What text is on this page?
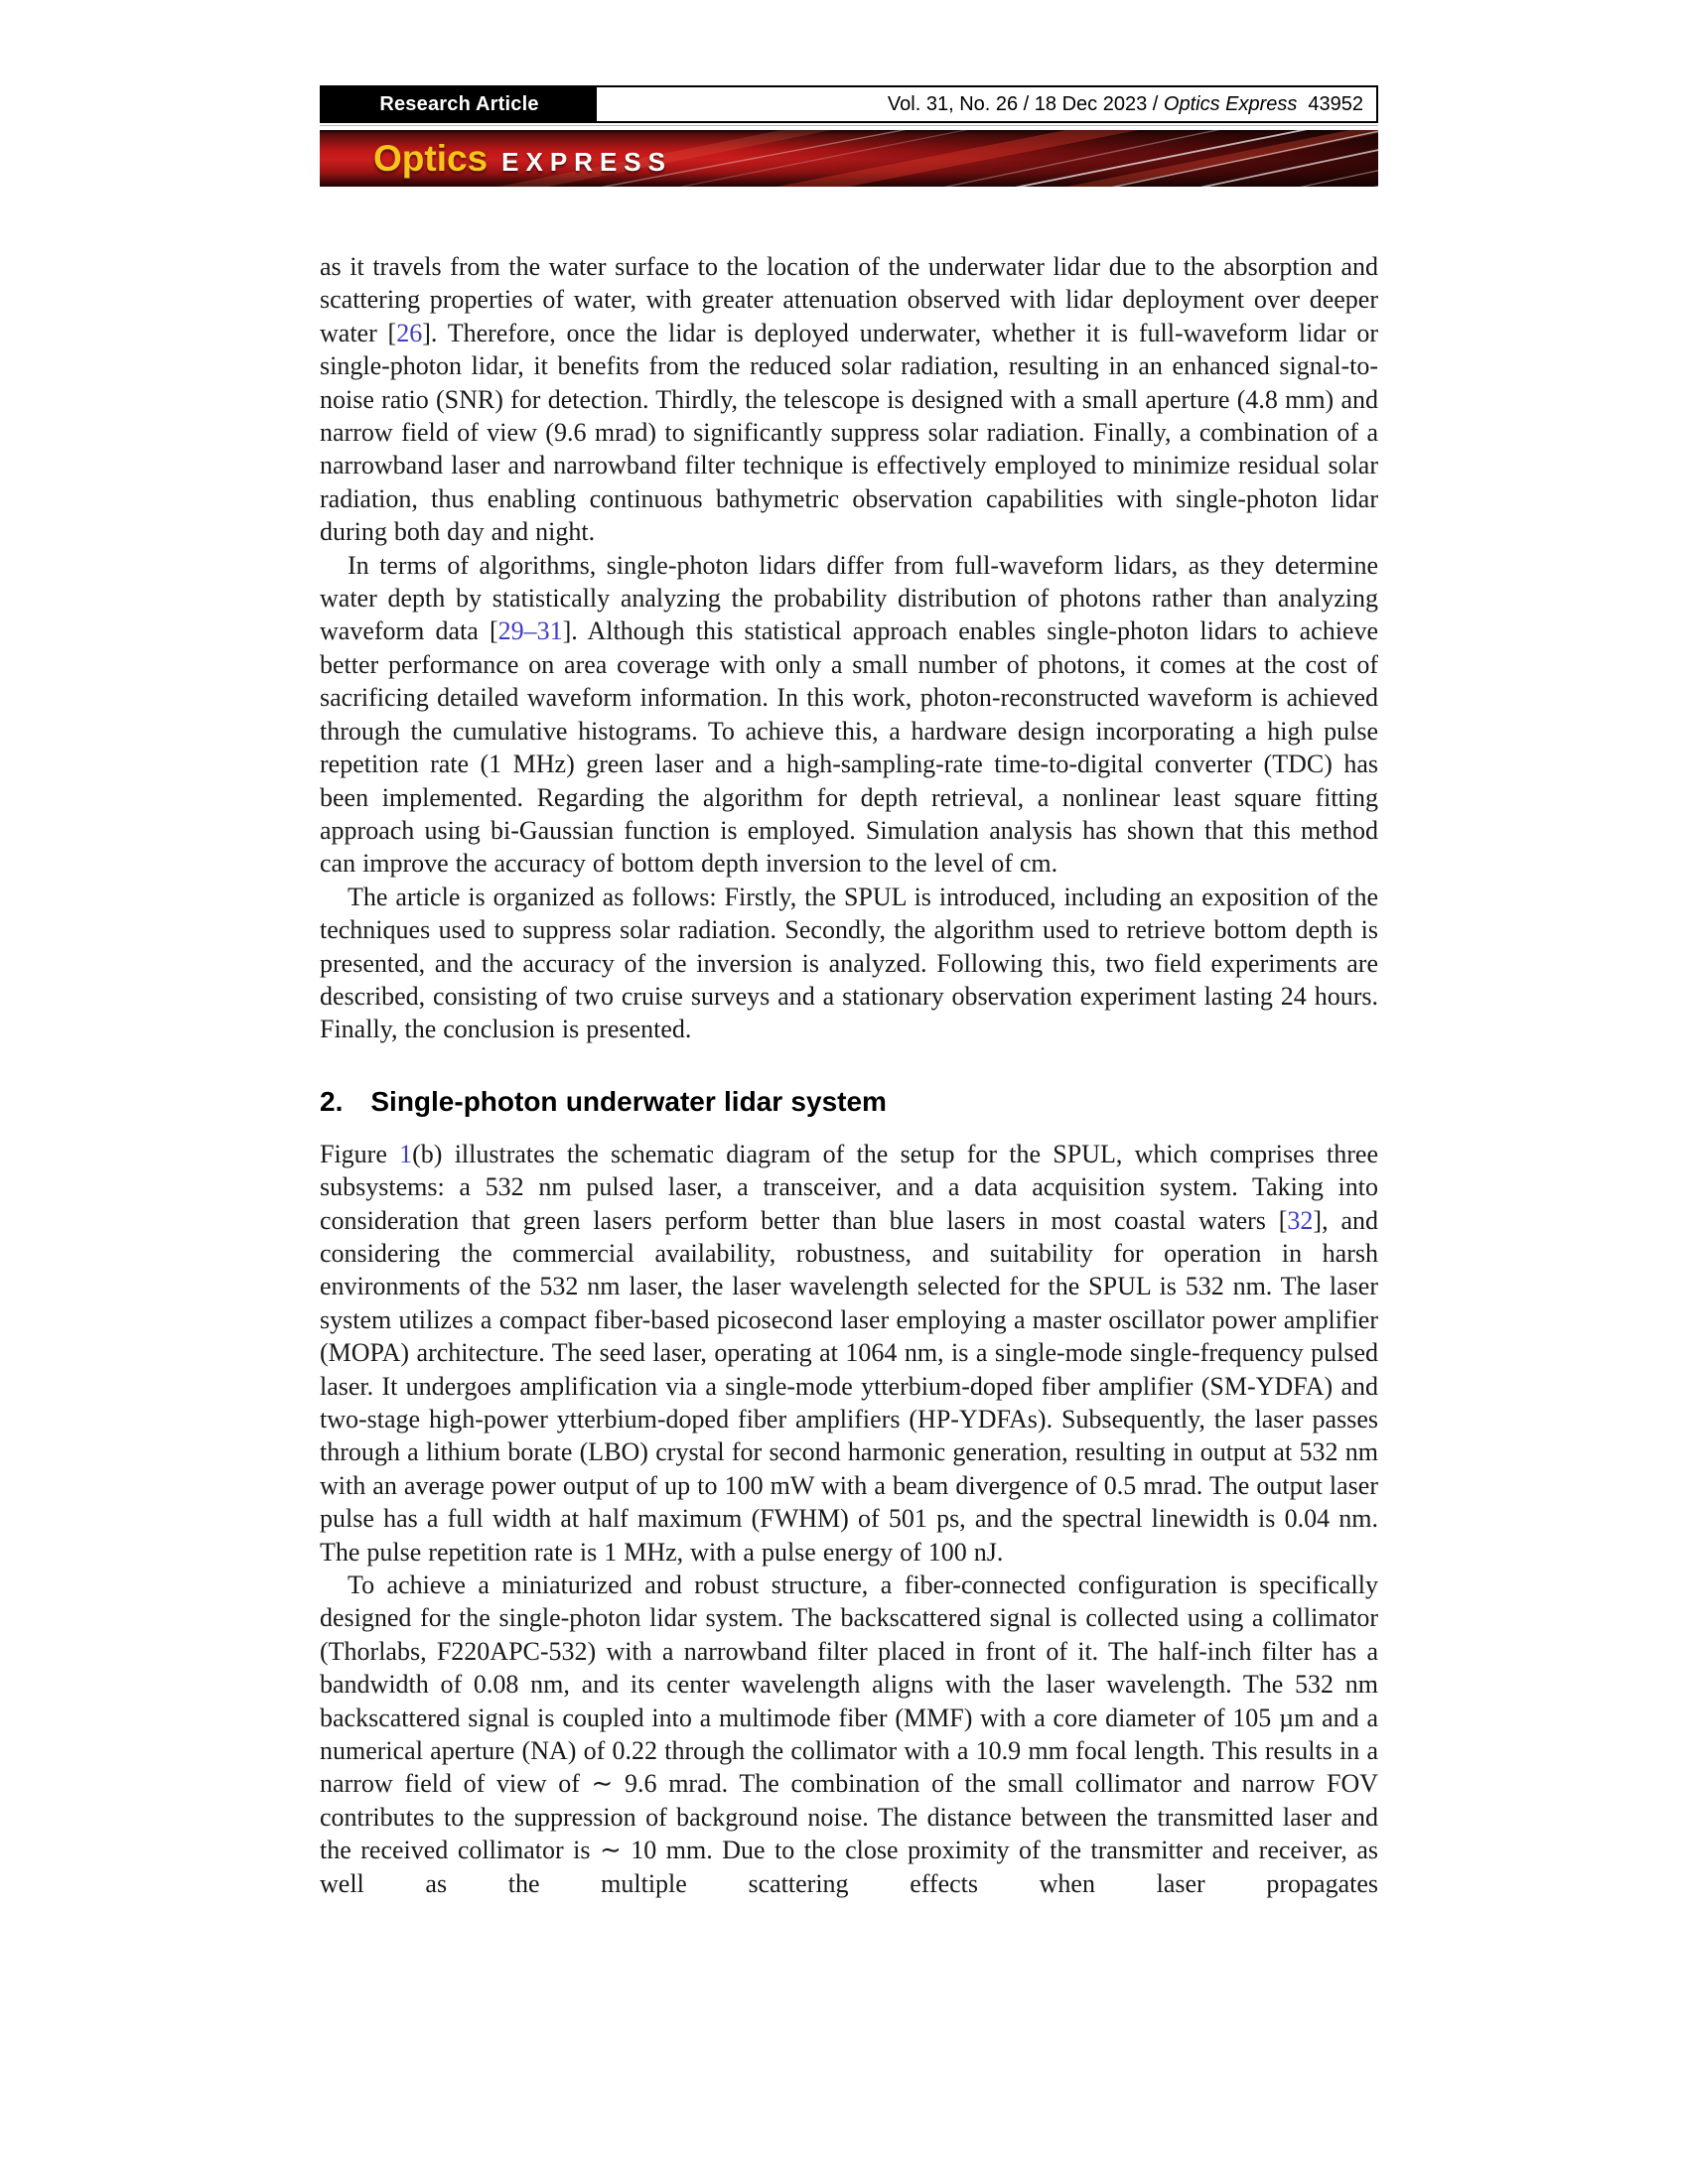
Research Article	Vol. 31, No. 26 / 18 Dec 2023 / Optics Express 43952
Optics EXPRESS

as it travels from the water surface to the location of the underwater lidar due to the absorption and scattering properties of water, with greater attenuation observed with lidar deployment over deeper water [26]. Therefore, once the lidar is deployed underwater, whether it is full-waveform lidar or single-photon lidar, it benefits from the reduced solar radiation, resulting in an enhanced signal-to-noise ratio (SNR) for detection. Thirdly, the telescope is designed with a small aperture (4.8 mm) and narrow field of view (9.6 mrad) to significantly suppress solar radiation. Finally, a combination of a narrowband laser and narrowband filter technique is effectively employed to minimize residual solar radiation, thus enabling continuous bathymetric observation capabilities with single-photon lidar during both day and night.

In terms of algorithms, single-photon lidars differ from full-waveform lidars, as they determine water depth by statistically analyzing the probability distribution of photons rather than analyzing waveform data [29–31]. Although this statistical approach enables single-photon lidars to achieve better performance on area coverage with only a small number of photons, it comes at the cost of sacrificing detailed waveform information. In this work, photon-reconstructed waveform is achieved through the cumulative histograms. To achieve this, a hardware design incorporating a high pulse repetition rate (1 MHz) green laser and a high-sampling-rate time-to-digital converter (TDC) has been implemented. Regarding the algorithm for depth retrieval, a nonlinear least square fitting approach using bi-Gaussian function is employed. Simulation analysis has shown that this method can improve the accuracy of bottom depth inversion to the level of cm.

The article is organized as follows: Firstly, the SPUL is introduced, including an exposition of the techniques used to suppress solar radiation. Secondly, the algorithm used to retrieve bottom depth is presented, and the accuracy of the inversion is analyzed. Following this, two field experiments are described, consisting of two cruise surveys and a stationary observation experiment lasting 24 hours. Finally, the conclusion is presented.

2. Single-photon underwater lidar system

Figure 1(b) illustrates the schematic diagram of the setup for the SPUL, which comprises three subsystems: a 532 nm pulsed laser, a transceiver, and a data acquisition system. Taking into consideration that green lasers perform better than blue lasers in most coastal waters [32], and considering the commercial availability, robustness, and suitability for operation in harsh environments of the 532 nm laser, the laser wavelength selected for the SPUL is 532 nm. The laser system utilizes a compact fiber-based picosecond laser employing a master oscillator power amplifier (MOPA) architecture. The seed laser, operating at 1064 nm, is a single-mode single-frequency pulsed laser. It undergoes amplification via a single-mode ytterbium-doped fiber amplifier (SM-YDFA) and two-stage high-power ytterbium-doped fiber amplifiers (HP-YDFAs). Subsequently, the laser passes through a lithium borate (LBO) crystal for second harmonic generation, resulting in output at 532 nm with an average power output of up to 100 mW with a beam divergence of 0.5 mrad. The output laser pulse has a full width at half maximum (FWHM) of 501 ps, and the spectral linewidth is 0.04 nm. The pulse repetition rate is 1 MHz, with a pulse energy of 100 nJ.

To achieve a miniaturized and robust structure, a fiber-connected configuration is specifically designed for the single-photon lidar system. The backscattered signal is collected using a collimator (Thorlabs, F220APC-532) with a narrowband filter placed in front of it. The half-inch filter has a bandwidth of 0.08 nm, and its center wavelength aligns with the laser wavelength. The 532 nm backscattered signal is coupled into a multimode fiber (MMF) with a core diameter of 105 µm and a numerical aperture (NA) of 0.22 through the collimator with a 10.9 mm focal length. This results in a narrow field of view of ∼ 9.6 mrad. The combination of the small collimator and narrow FOV contributes to the suppression of background noise. The distance between the transmitted laser and the received collimator is ∼ 10 mm. Due to the close proximity of the transmitter and receiver, as well as the multiple scattering effects when laser propagates
